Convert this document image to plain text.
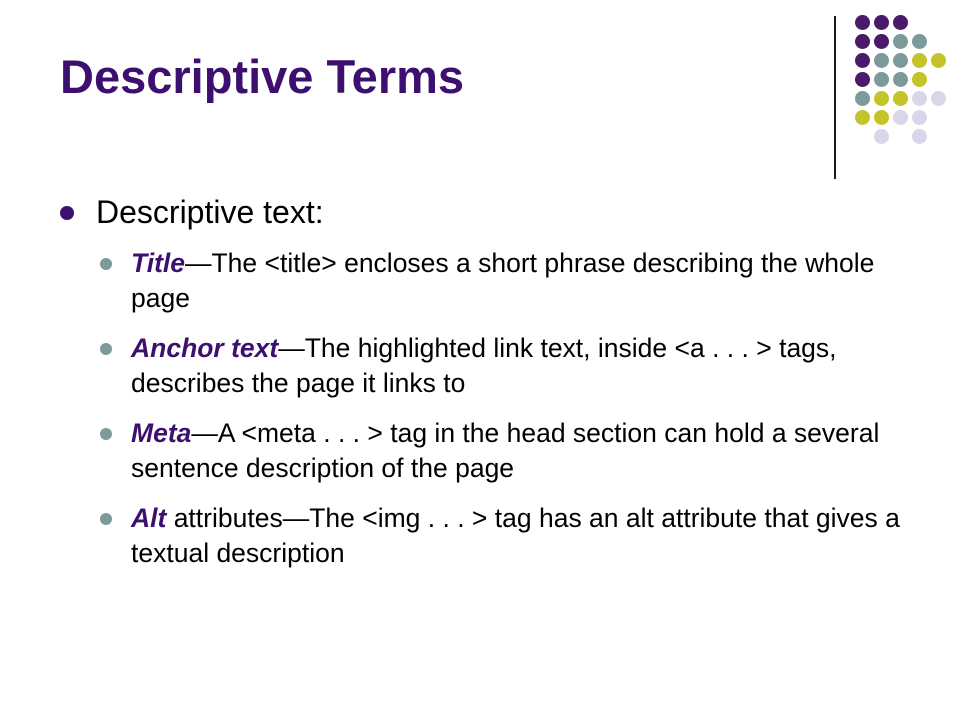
Descriptive Terms
Descriptive text:
Title—The <title> encloses a short phrase describing the whole page
Anchor text—The highlighted link text, inside <a . . . > tags, describes the page it links to
Meta—A <meta . . . > tag in the head section can hold a several sentence description of the page
Alt attributes—The <img . . . > tag has an alt attribute that gives a textual description
